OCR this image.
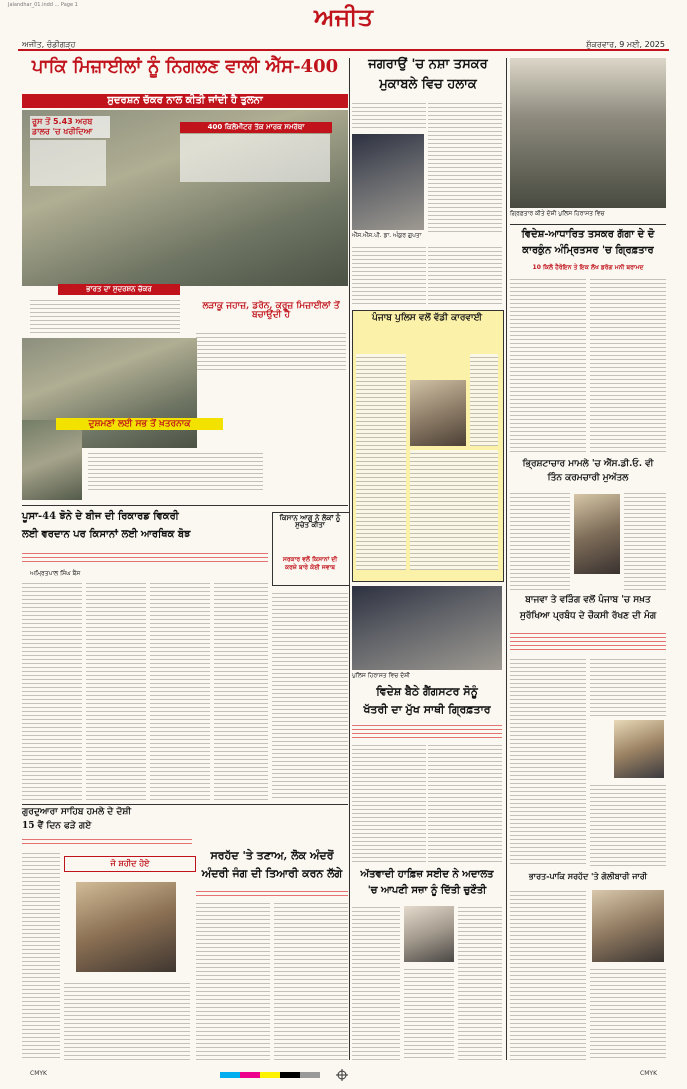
Jalandhar_01.indd ... Page 1	ਅਜੀਤ
ਅਜੀਤ, ਚੰਡੀਗੜ੍ਹ	ਸ਼ੁੱਕਰਵਾਰ, 9 ਮਈ, 2025
ਪਾਕਿ ਮਿਜ਼ਾਈਲਾਂ ਨੂੰ ਨਿਗਲਣ ਵਾਲੀ ਐੱਸ-400
ਸੁਦਰਸ਼ਨ ਚੱਕਰ ਨਾਲ ਕੀਤੀ ਜਾਂਦੀ ਹੈ ਤੁਲਨਾ
ਰੂਸ ਤੋਂ 5.43 ਅਰਬ ਡਾਲਰ 'ਚ ਖਰੀਦਿਆ	400 ਕਿਲੋਮੀਟਰ ਤੱਕ ਮਾਰਕ ਸਮਰੱਥਾ
ਭਾਰਤ ਦਾ ਸੁਦਰਸ਼ਨ ਚੱਕਰ
ਲੜਾਕੂ ਜਹਾਜ਼, ਡਰੋਨ, ਕਰੂਜ਼ ਮਿਜ਼ਾਈਲਾਂ ਤੋਂ ਬਚਾਉਂਦੀ ਹੈ
ਦੁਸ਼ਮਣਾਂ ਲਈ ਸਭ ਤੋਂ ਖ਼ਤਰਨਾਕ
ਜਗਰਾਉਂ 'ਚ ਨਸ਼ਾ ਤਸਕਰ
ਮੁਕਾਬਲੇ ਵਿਚ ਹਲਾਕ
ਐੱਸ.ਐੱਸ.ਪੀ. ਡਾ. ਅੰਕੁਰ ਗੁਪਤਾ
ਗ੍ਰਿਫ਼ਤਾਰ ਕੀਤੇ ਦੋਸ਼ੀ ਪੁਲਿਸ ਹਿਰਾਸਤ ਵਿਚ
ਵਿਦੇਸ਼-ਆਧਾਰਿਤ ਤਸਕਰ ਗੱਗਾ ਦੇ ਦੋ
ਕਾਰਕੁੰਨ ਅੰਮ੍ਰਿਤਸਰ 'ਚ ਗ੍ਰਿਫ਼ਤਾਰ
10 ਕਿਲੋ ਹੈਰੋਇਨ ਤੇ ਇਕ ਲੱਖ ਡਰੱਗ ਮਨੀ ਬਰਾਮਦ
ਪੰਜਾਬ ਪੁਲਿਸ ਵਲੋਂ ਵੱਡੀ ਕਾਰਵਾਈ
ਭ੍ਰਿਸ਼ਟਾਚਾਰ ਮਾਮਲੇ 'ਚ ਐੱਸ.ਡੀ.ਓ. ਵੀ
ਤਿੰਨ ਕਰਮਚਾਰੀ ਮੁਅੱਤਲ
ਪੂਸਾ-44 ਝੋਨੇ ਦੇ ਬੀਜ ਦੀ ਰਿਕਾਰਡ ਵਿਕਰੀ
ਲਈ ਵਰਦਾਨ ਪਰ ਕਿਸਾਨਾਂ ਲਈ ਆਰਥਿਕ ਬੋਝ
ਅਮ੍ਰਿਤਪਾਲ ਸਿੰਘ ਬੈਂਸ
ਕਿਸਾਨ ਆਗੂ ਨੇ ਲੋਕਾਂ ਨੂੰ ਸੁਚੇਤ ਕੀਤਾ
ਸਰਕਾਰ ਵਲੋਂ ਕਿਸਾਨਾਂ ਦੀ ਕਰਜ਼ੇ ਬਾਰੇ ਕੋਈ ਜਵਾਬ
ਪੁਲਿਸ ਹਿਰਾਸਤ ਵਿਚ ਦੋਸ਼ੀ
ਵਿਦੇਸ਼ ਬੈਠੇ ਗੈਂਗਸਟਰ ਸੋਨੂੰ
ਖੱਤਰੀ ਦਾ ਮੁੱਖ ਸਾਥੀ ਗ੍ਰਿਫ਼ਤਾਰ
ਬਾਜਵਾ ਤੇ ਵੜਿੰਗ ਵਲੋਂ ਪੰਜਾਬ 'ਚ ਸਖ਼ਤ
ਸੁਰੱਖਿਆ ਪ੍ਰਬੰਧ ਦੇ ਚੌਕਸੀ ਰੱਖਣ ਦੀ ਮੰਗ
ਗੁਰਦੁਆਰਾ ਸਾਹਿਬ ਹਮਲੇ ਦੇ ਦੋਸ਼ੀ
15 ਵੈਂ ਦਿਨ ਫੜੇ ਗਏ
ਜੋ ਸ਼ਹੀਦ ਹੋਏ
ਸਰਹੱਦ 'ਤੇ ਤਣਾਅ, ਲੋਕ ਅੰਦਰੋਂ
ਅੰਦਰੀ ਜੰਗ ਦੀ ਤਿਆਰੀ ਕਰਨ ਲੱਗੇ	ਅੱਤਵਾਦੀ ਹਾਫ਼ਿਜ਼ ਸਈਦ ਨੇ ਅਦਾਲਤ
'ਚ ਆਪਣੀ ਸਜ਼ਾ ਨੂੰ ਦਿੱਤੀ ਚੁਣੌਤੀ
ਭਾਰਤ-ਪਾਕਿ ਸਰਹੱਦ 'ਤੇ ਗੋਲੀਬਾਰੀ ਜਾਰੀ
CMYK	CMYK
